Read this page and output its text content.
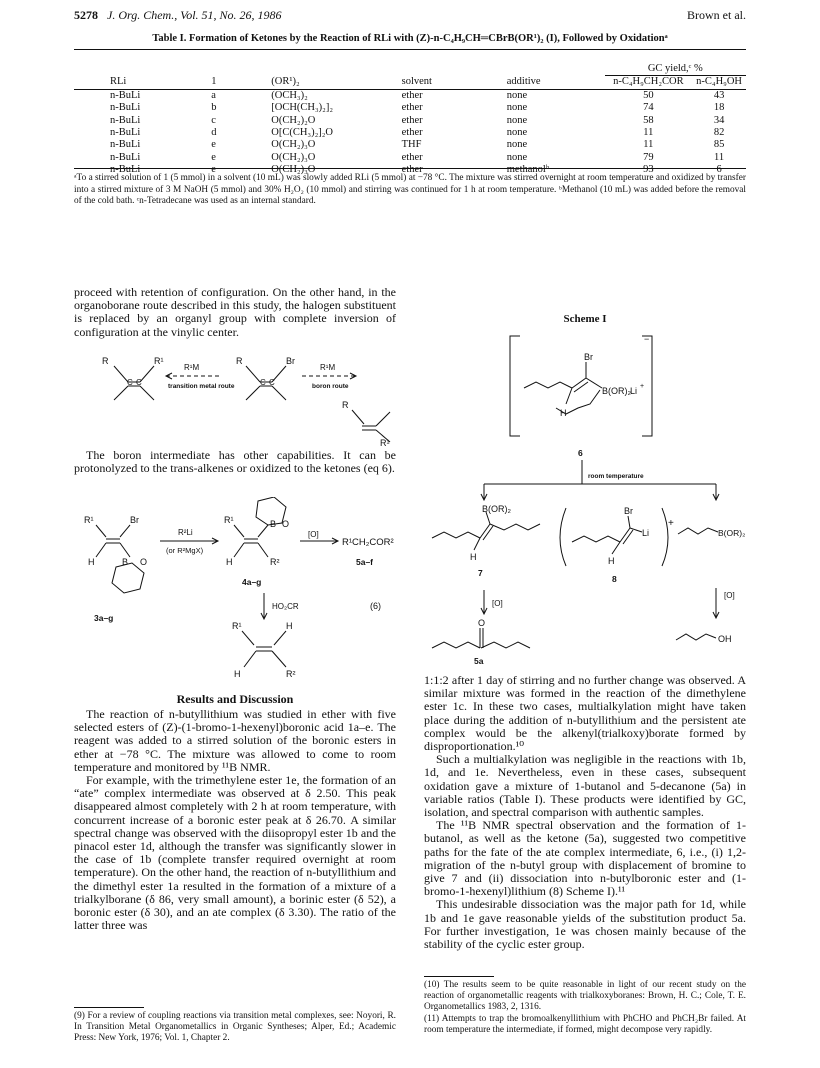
5278 J. Org. Chem., Vol. 51, No. 26, 1986	Brown et al.
Table I. Formation of Ketones by the Reaction of RLi with (Z)-n-C₄H₉CH═CBrB(OR¹)₂ (I), Followed by Oxidationᵃ
					GC yield,ᶜ %	
RLi	1	(OR¹)₂	solvent	additive	n-C₄H₉CH₂COR	n-C₄H₉OH
n-BuLi	a	(OCH₃)₂	ether	none	50	43
n-BuLi	b	[OCH(CH₃)₂]₂	ether	none	74	18
n-BuLi	c	O(CH₂)₂O	ether	none	58	34
n-BuLi	d	O[C(CH₃)₂]₂O	ether	none	11	82
n-BuLi	e	O(CH₂)₃O	THF	none	11	85
n-BuLi	e	O(CH₂)₃O	ether	none	79	11
n-BuLi	e	O(CH₂)₃O	ether	methanolᵇ	93	6
ᵃTo a stirred solution of 1 (5 mmol) in a solvent (10 mL) was slowly added RLi (5 mmol) at −78 °C. The mixture was stirred overnight at room temperature and oxidized by transfer into a stirred mixture of 3 M NaOH (5 mmol) and 30% H₂O₂ (10 mmol) and stirring was continued for 1 h at room temperature. ᵇMethanol (10 mL) was added before the removal of the cold bath. ᶜn-Tetradecane was used as an internal standard.

proceed with retention of configuration. On the other hand, in the organoborane route described in this study, the halogen substituent is replaced by an organyl group with complete inversion of configuration at the vinylic center.

R	R¹
C C
R¹M
transition metal route
R	Br
C C
R¹M
boron route
R
R¹

The boron intermediate has other capabilities. It can be protonolyzed to the trans-alkenes or oxidized to the ketones (eq 6).

R¹	Br
H	B O
3a–g
R²Li
(or R²MgX)
R¹	B O
H	R²
4a–g
[O]
R¹CH₂COR²
5a–f
HO₂CR	(6)
R¹	H
H	R²
Results and Discussion

The reaction of n-butyllithium was studied in ether with five selected esters of (Z)-(1-bromo-1-hexenyl)boronic acid 1a–e. The reagent was added to a stirred solution of the boronic esters in ether at −78 °C. The mixture was allowed to come to room temperature and monitored by ¹¹B NMR.

For example, with the trimethylene ester 1e, the formation of an “ate” complex intermediate was observed at δ 2.50. This peak disappeared almost completely with 2 h at room temperature, with concurrent increase of a boronic ester peak at δ 26.70. A similar spectral change was observed with the diisopropyl ester 1b and the pinacol ester 1d, although the transfer was significantly slower in the case of 1b (complete transfer required overnight at room temperature). On the other hand, the reaction of n-butyllithium and the dimethyl ester 1a resulted in the formation of a mixture of a trialkylborane (δ 86, very small amount), a borinic ester (δ 52), a boronic ester (δ 30), and an ate complex (δ 3.30). The ratio of the latter three was

(9) For a review of coupling reactions via transition metal complexes, see: Noyori, R. In Transition Metal Organometallics in Organic Syntheses; Alper, Ed.; Academic Press: New York, 1976; Vol. 1, Chapter 2.
Scheme I
Br
B(OR)₂ Li +
−
H
6
room temperature
B(OR)₂
H
7
Br
Li
H
8
+
B(OR)₂
[O]
[O]
O
5a
OH

1:1:2 after 1 day of stirring and no further change was observed. A similar mixture was formed in the reaction of the dimethylene ester 1c. In these two cases, multialkylation might have taken place during the addition of n-butyllithium and the persistent ate complex would be the alkenyl(trialkoxy)borate formed by disproportionation.¹⁰

Such a multialkylation was negligible in the reactions with 1b, 1d, and 1e. Nevertheless, even in these cases, subsequent oxidation gave a mixture of 1-butanol and 5-decanone (5a) in variable ratios (Table I). These products were identified by GC, isolation, and spectral comparison with authentic samples.

The ¹¹B NMR spectral observation and the formation of 1-butanol, as well as the ketone (5a), suggested two competitive paths for the fate of the ate complex intermediate, 6, i.e., (i) 1,2-migration of the n-butyl group with displacement of bromine to give 7 and (ii) dissociation into n-butylboronic ester and (1-bromo-1-hexenyl)lithium (8) Scheme I).¹¹

This undesirable dissociation was the major path for 1d, while 1b and 1e gave reasonable yields of the substitution product 5a. For further investigation, 1e was chosen mainly because of the stability of the cyclic ester group.

(10) The results seem to be quite reasonable in light of our recent study on the reaction of organometallic reagents with trialkoxyboranes: Brown, H. C.; Cole, T. E. Organometallics 1983, 2, 1316.
(11) Attempts to trap the bromoalkenyllithium with PhCHO and PhCH₂Br failed. At room temperature the intermediate, if formed, might decompose very rapidly.
